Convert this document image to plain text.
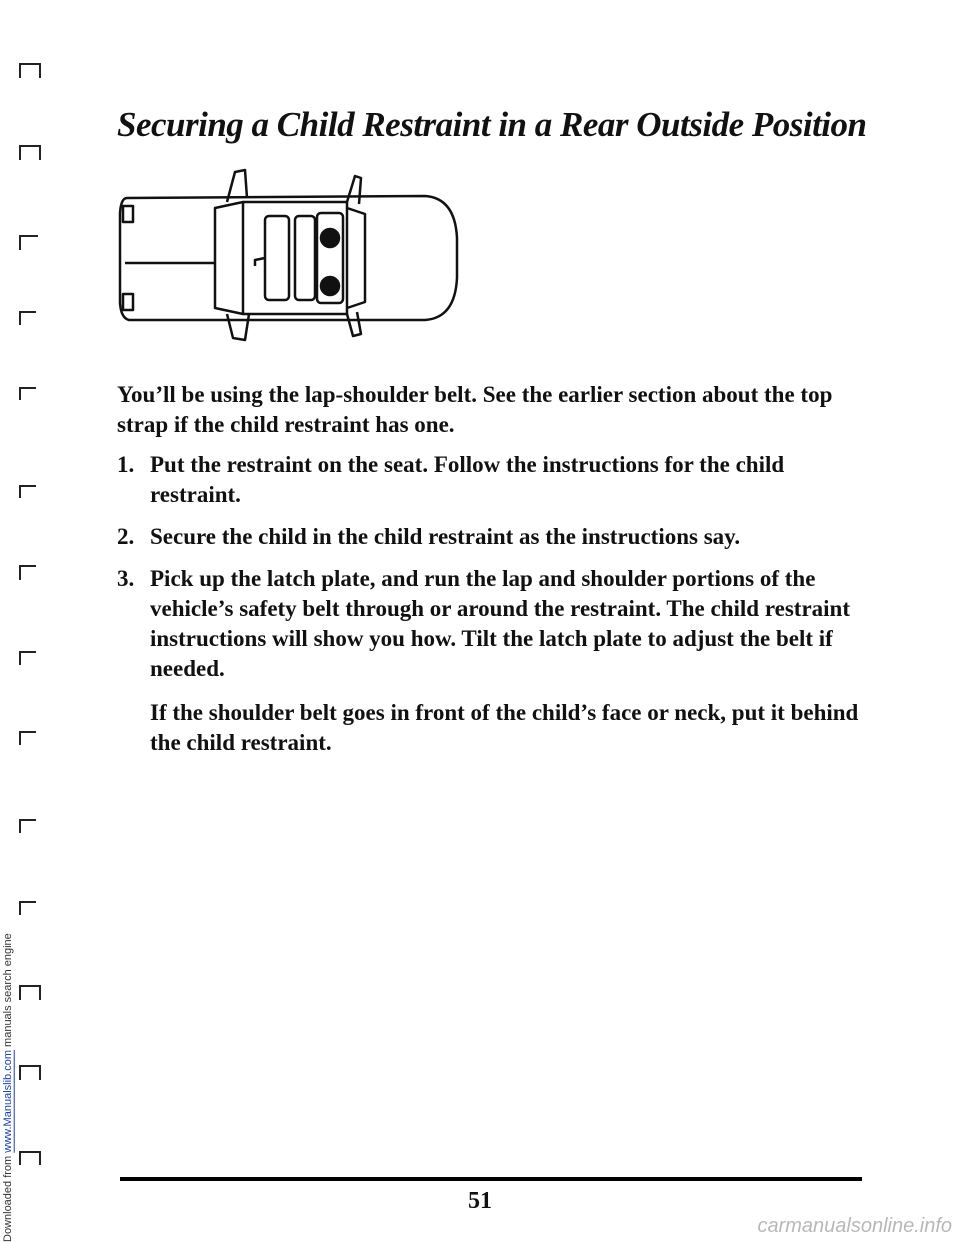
Downloaded from www.Manualslib.com manuals search engine
Securing a Child Restraint in a Rear Outside Position

You’ll be using the lap-shoulder belt. See the earlier section about the top strap if the child restraint has one.

1. Put the restraint on the seat. Follow the instructions for the child restraint.
2. Secure the child in the child restraint as the instructions say.
3. Pick up the latch plate, and run the lap and shoulder portions of the vehicle’s safety belt through or around the restraint. The child restraint instructions will show you how. Tilt the latch plate to adjust the belt if needed.

If the shoulder belt goes in front of the child’s face or neck, put it behind the child restraint.

51
carmanualsonline.info
